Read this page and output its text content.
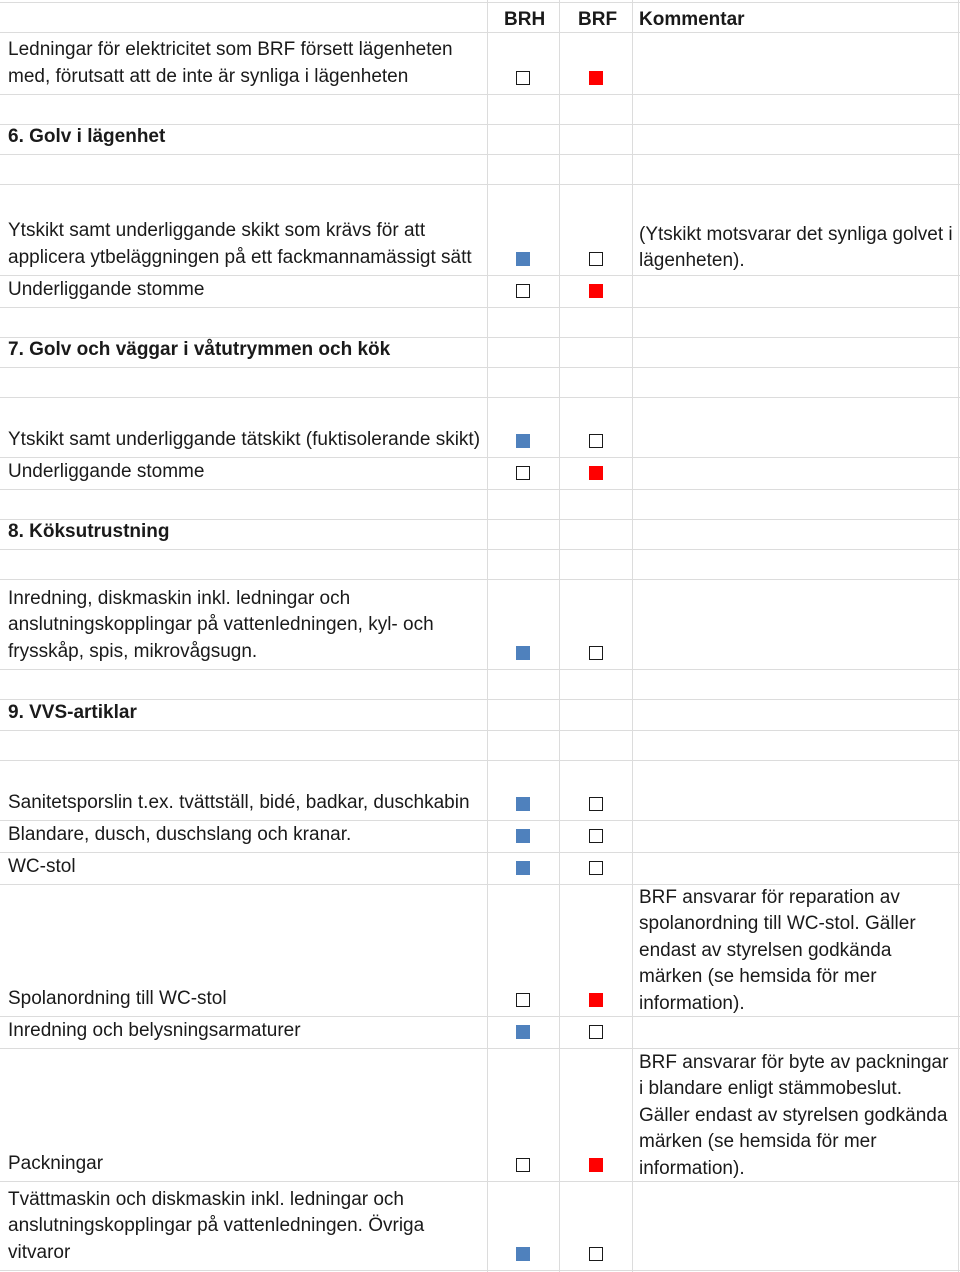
BRH BRF Kommentar
Ledningar för elektricitet som BRF försett lägenheten med, förutsatt att de inte är synliga i lägenheten
6. Golv i lägenhet
Ytskikt samt underliggande skikt som krävs för att applicera ytbeläggningen på ett fackmannamässigt sätt
Underliggande stomme
7. Golv och väggar i våtutrymmen och kök
Ytskikt samt underliggande tätskikt (fuktisolerande skikt)
Underliggande stomme
8. Köksutrustning
Inredning, diskmaskin inkl. ledningar och anslutningskopplingar på vattenledningen, kyl- och frysskåp, spis, mikrovågsugn.
9. VVS-artiklar
Sanitetsporslin t.ex. tvättställ, bidé, badkar, duschkabin
Blandare, dusch, duschslang och kranar.
WC-stol
Spolanordning till WC-stol
Inredning och belysningsarmaturer
Packningar
Tvättmaskin och diskmaskin inkl. ledningar och anslutningskopplingar på vattenledningen. Övriga vitvaror
(Ytskikt motsvarar det synliga golvet i lägenheten).
BRF ansvarar för reparation av spolanordning till WC-stol. Gäller endast av styrelsen godkända märken (se hemsida för mer information).
BRF ansvarar för byte av packningar i blandare enligt stämmobeslut. Gäller endast av styrelsen godkända märken (se hemsida för mer information).
